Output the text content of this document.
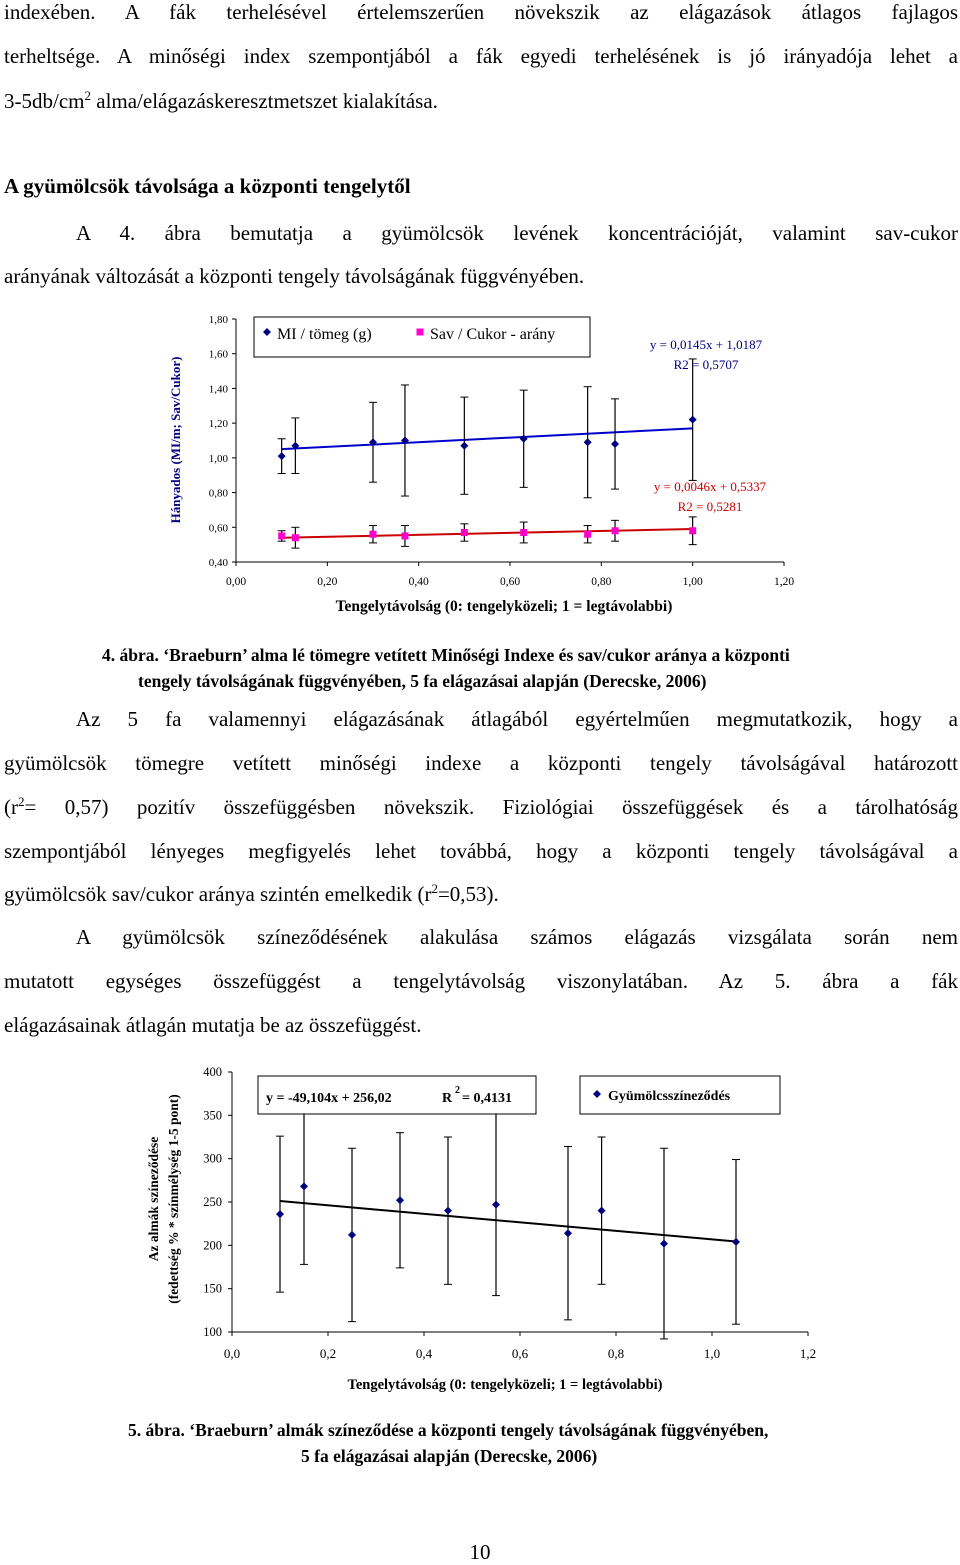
indexében. A fák terhelésével értelemszerűen növekszik az elágazások átlagos fajlagos
terheltsége. A minőségi index szempontjából a fák egyedi terhelésének is jó irányadója lehet a
$3-5db/cm^2$ alma/elágazáskeresztmetszet kialakítása.
A gyümölcsök távolsága a központi tengelytől
A 4. ábra bemutatja a gyümölcsök levének koncentrációját, valamint sav-cukor
arányának változását a központi tengely távolságának függvényében.
0,40
0,60
0,80
1,00
1,20
1,40
1,60
1,80
0,00	0,20	0,40	0,60	0,80	1,00	1,20
Tengelytávolság (0: tengelyközeli; 1 = legtávolabbi)
Hányados (MI/m; Sav/Cukor)
MI / tömeg (g)	Sav / Cukor - arány
y = 0,0145x + 1,0187
R2 = 0,5707
y = 0,0046x + 0,5337
R2 = 0,5281
4. ábra. ‘Braeburn’ alma lé tömegre vetített Minőségi Indexe és sav/cukor aránya a központi
tengely távolságának függvényében, 5 fa elágazásai alapján (Derecske, 2006)
Az 5 fa valamennyi elágazásának átlagából egyértelműen megmutatkozik, hogy a
gyümölcsök tömegre vetített minőségi indexe a központi tengely távolságával határozott
$(r^2= 0,57)$ pozitív összefüggésben növekszik. Fiziológiai összefüggések és a tárolhatóság
szempontjából lényeges megfigyelés lehet továbbá, hogy a központi tengely távolságával a
gyümölcsök sav/cukor aránya szintén emelkedik $(r^2=0,53)$.
A gyümölcsök színeződésének alakulása számos elágazás vizsgálata során nem
mutatott egységes összefüggést a tengelytávolság viszonylatában. Az 5. ábra a fák
elágazásainak átlagán mutatja be az összefüggést.
100
150
200
250
300
350
400
0,0	0,2	0,4	0,6	0,8	1,0	1,2
Tengelytávolság (0: tengelyközeli; 1 = legtávolabbi)
Az almák színeződése (fedettség % * színmélység 1-5 pont)	y = -49,104x + 256,02	R
2
= 0,4131	Gyümölcsszíneződés
5. ábra. ‘Braeburn’ almák színeződése a központi tengely távolságának függvényében,
5 fa elágazásai alapján (Derecske, 2006)
10
